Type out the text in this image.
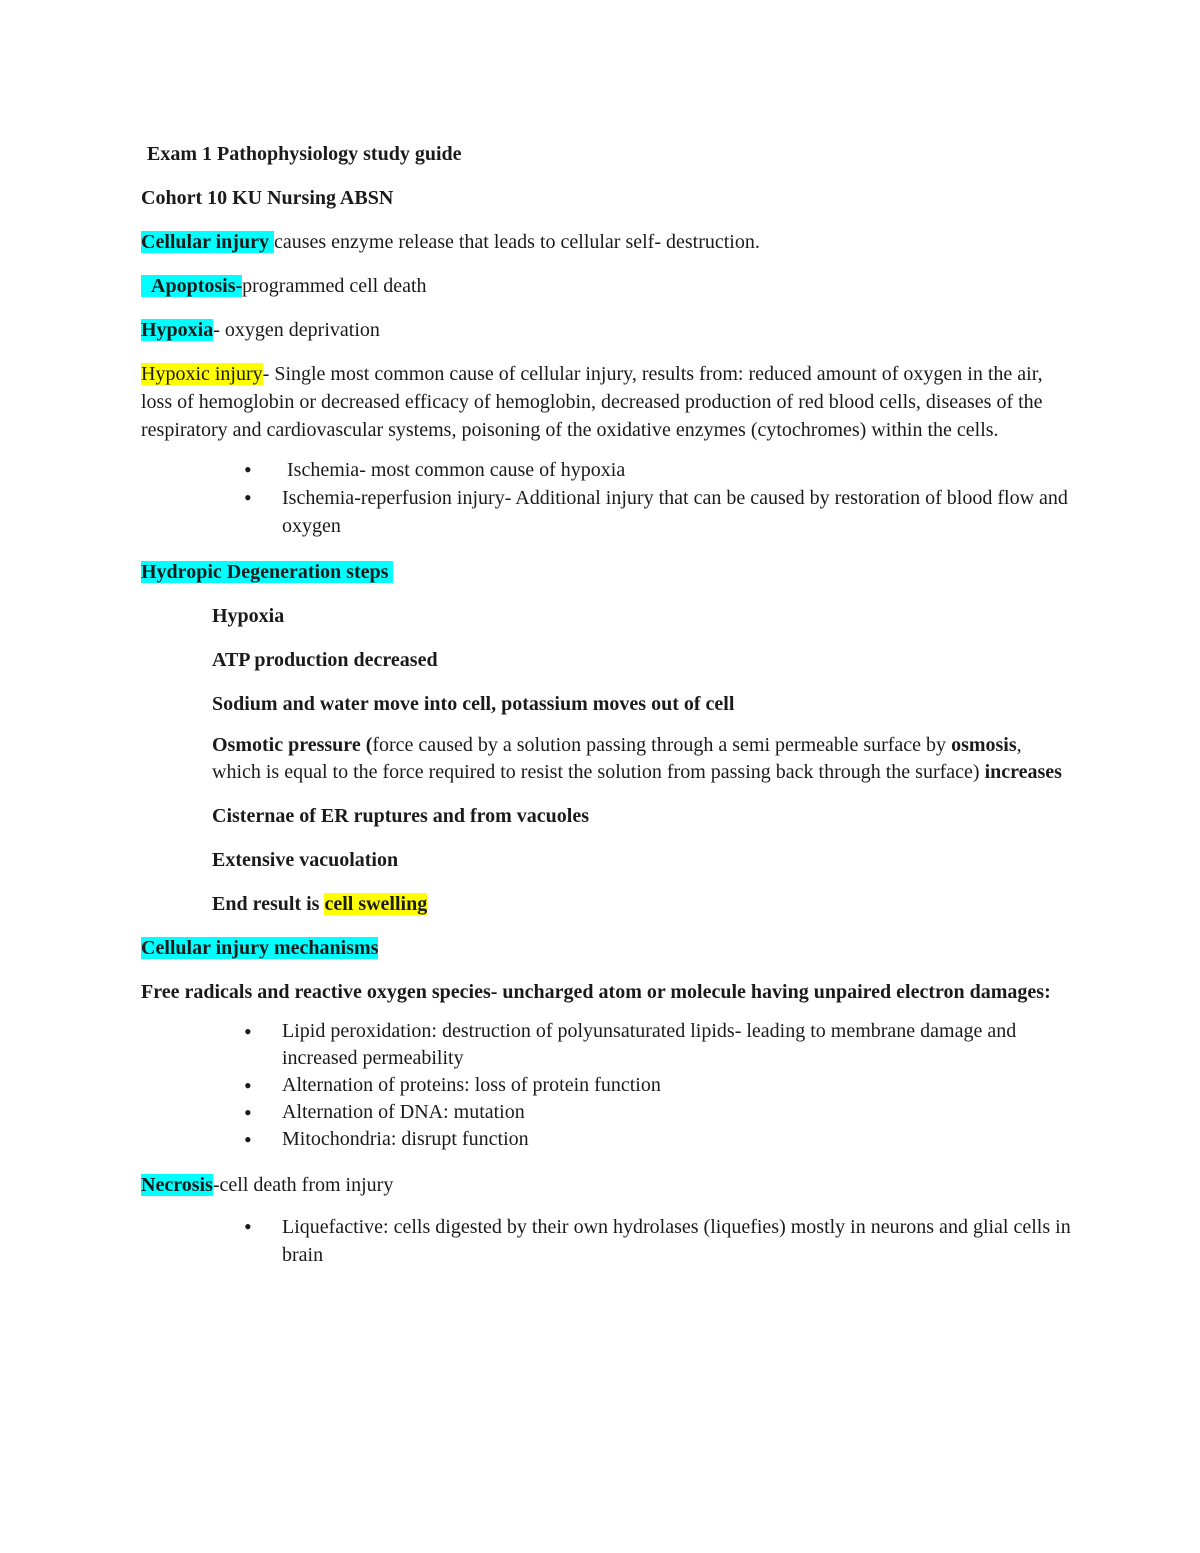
Exam 1 Pathophysiology study guide

Cohort 10 KU Nursing ABSN

Cellular injury causes enzyme release that leads to cellular self- destruction.

Apoptosis-programmed cell death

Hypoxia- oxygen deprivation

Hypoxic injury- Single most common cause of cellular injury, results from: reduced amount of oxygen in the air, loss of hemoglobin or decreased efficacy of hemoglobin, decreased production of red blood cells, diseases of the respiratory and cardiovascular systems, poisoning of the oxidative enzymes (cytochromes) within the cells.

•  Ischemia- most common cause of hypoxia
• Ischemia-reperfusion injury- Additional injury that can be caused by restoration of blood flow and oxygen

Hydropic Degeneration steps

Hypoxia

ATP production decreased

Sodium and water move into cell, potassium moves out of cell

Osmotic pressure (force caused by a solution passing through a semi permeable surface by osmosis, which is equal to the force required to resist the solution from passing back through the surface) increases

Cisternae of ER ruptures and from vacuoles

Extensive vacuolation

End result is cell swelling

Cellular injury mechanisms

Free radicals and reactive oxygen species- uncharged atom or molecule having unpaired electron damages:

• Lipid peroxidation: destruction of polyunsaturated lipids- leading to membrane damage and increased permeability
• Alternation of proteins: loss of protein function
• Alternation of DNA: mutation
• Mitochondria: disrupt function

Necrosis-cell death from injury

• Liquefactive: cells digested by their own hydrolases (liquefies) mostly in neurons and glial cells in brain
